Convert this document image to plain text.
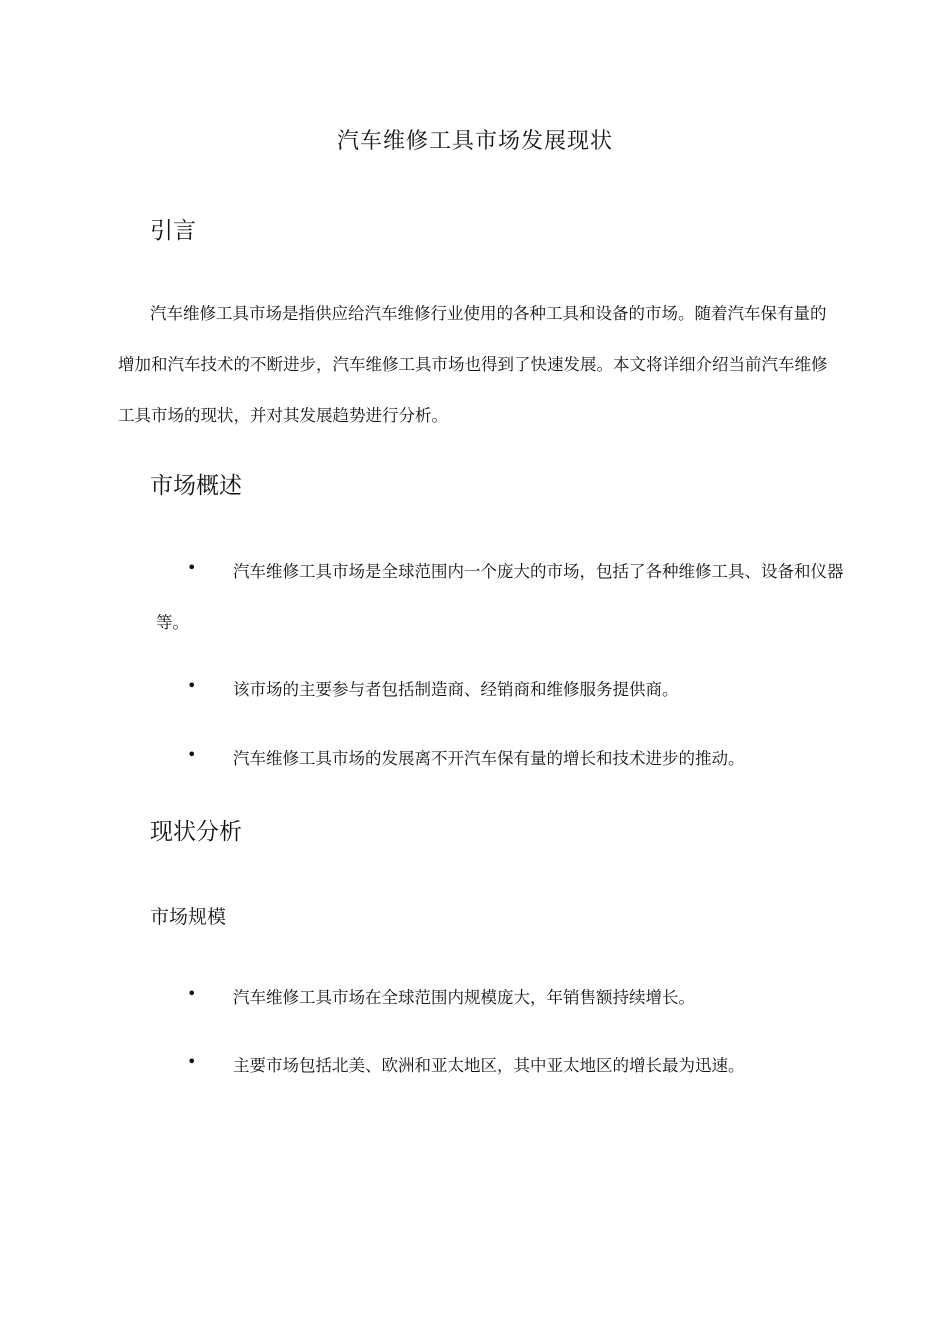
汽车维修工具市场发展现状
引言

汽车维修工具市场是指供应给汽车维修行业使用的各种工具和设备的市场。随着汽车保有量的增加和汽车技术的不断进步，汽车维修工具市场也得到了快速发展。本文将详细介绍当前汽车维修工具市场的现状，并对其发展趋势进行分析。

市场概述
•	汽车维修工具市场是全球范围内一个庞大的市场，包括了各种维修工具、设备和仪器等。

•	该市场的主要参与者包括制造商、经销商和维修服务提供商。

•	汽车维修工具市场的发展离不开汽车保有量的增长和技术进步的推动。

现状分析
市场规模
•	汽车维修工具市场在全球范围内规模庞大，年销售额持续增长。

•	主要市场包括北美、欧洲和亚太地区，其中亚太地区的增长最为迅速。
